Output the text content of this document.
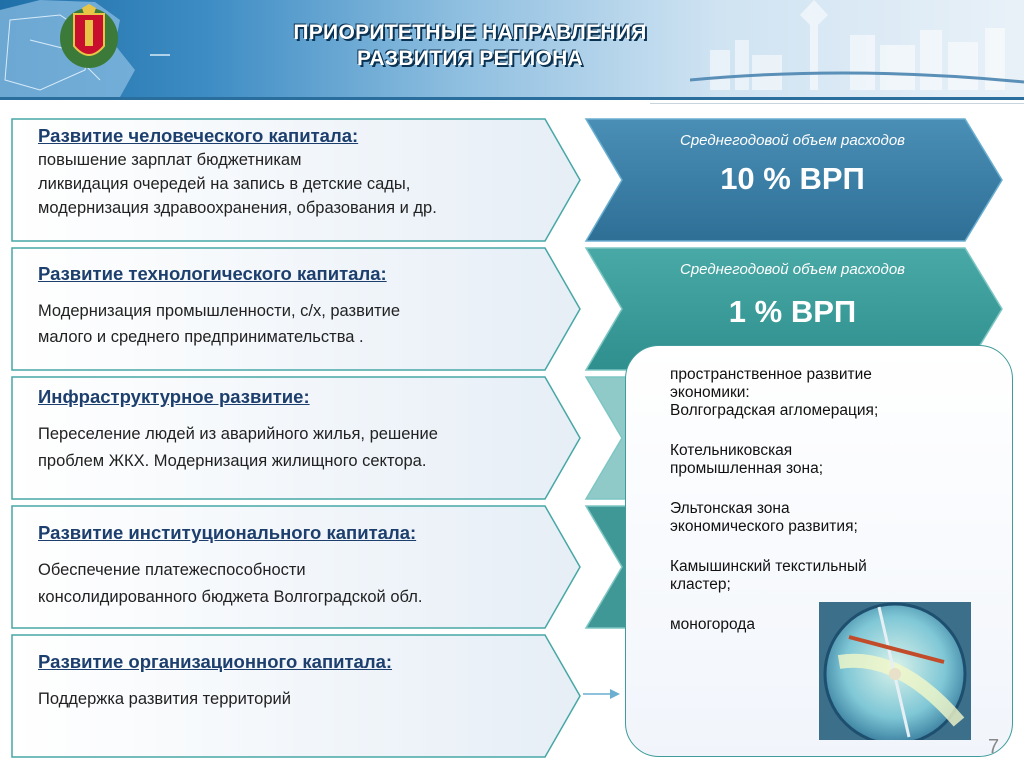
ПРИОРИТЕТНЫЕ НАПРАВЛЕНИЯ
РАЗВИТИЯ РЕГИОНА
Развитие человеческого капитала:
повышение зарплат бюджетникам
ликвидация очередей на запись в детские сады,
модернизация здравоохранения, образования и др.
Развитие технологического капитала:
Модернизация промышленности, с/х, развитие
малого и среднего предпринимательства .
Инфраструктурное развитие:
Переселение людей из аварийного жилья, решение
проблем ЖКХ. Модернизация жилищного сектора.
Развитие институционального капитала:
Обеспечение платежеспособности
консолидированного бюджета Волгоградской обл.
Развитие организационного капитала:
Поддержка развития территорий
Среднегодовой объем расходов
10 % ВРП
Среднегодовой объем расходов
1 % ВРП
пространственное развитие
экономики:
Волгоградская агломерация;
Котельниковская
промышленная зона;
Эльтонская зона
экономического развития;
Камышинский текстильный
кластер;
моногорода
7
